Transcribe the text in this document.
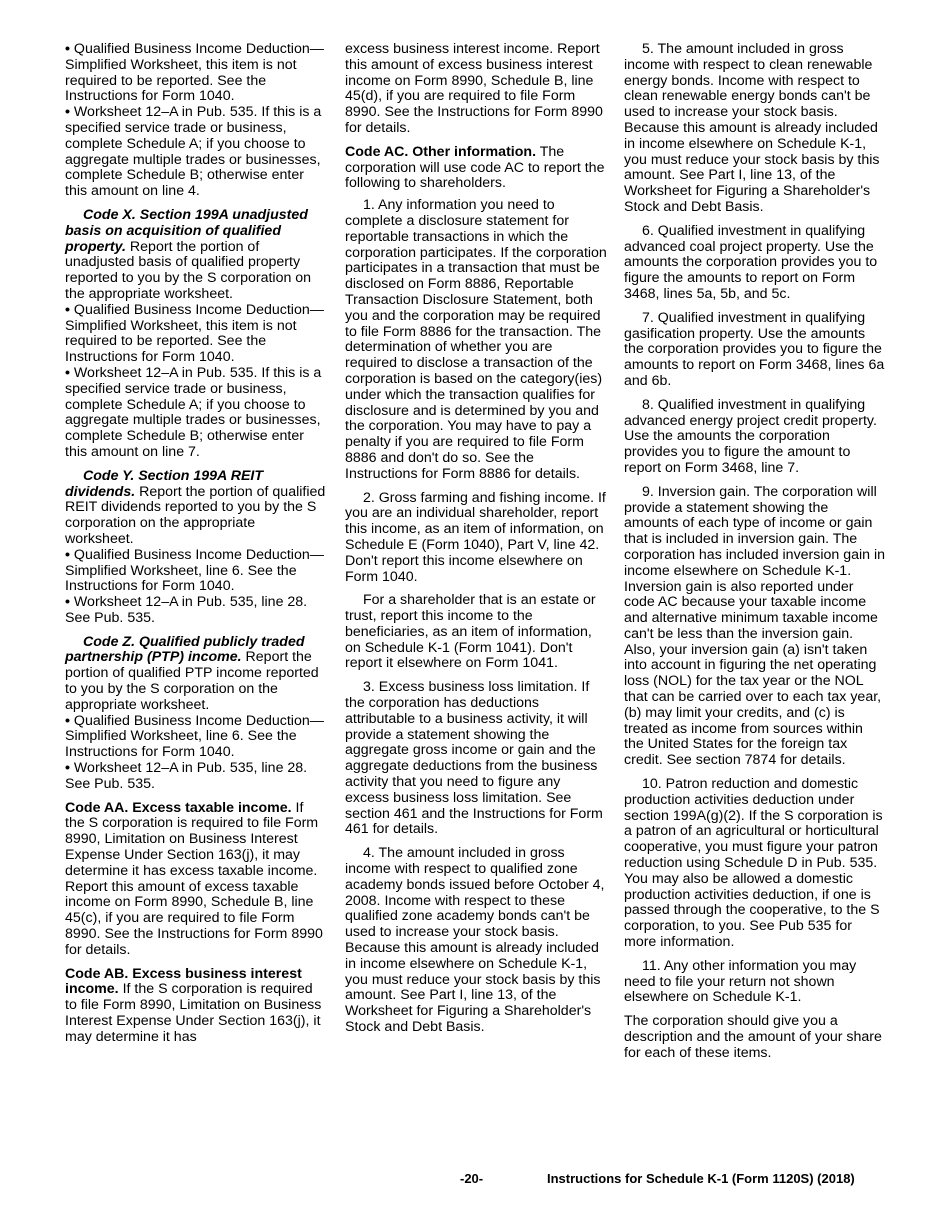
• Qualified Business Income Deduction—Simplified Worksheet, this item is not required to be reported. See the Instructions for Form 1040.

• Worksheet 12–A in Pub. 535. If this is a specified service trade or business, complete Schedule A; if you choose to aggregate multiple trades or businesses, complete Schedule B; otherwise enter this amount on line 4.

Code X. Section 199A unadjusted basis on acquisition of qualified property. Report the portion of unadjusted basis of qualified property reported to you by the S corporation on the appropriate worksheet.

• Qualified Business Income Deduction—Simplified Worksheet, this item is not required to be reported. See the Instructions for Form 1040.

• Worksheet 12–A in Pub. 535. If this is a specified service trade or business, complete Schedule A; if you choose to aggregate multiple trades or businesses, complete Schedule B; otherwise enter this amount on line 7.

Code Y. Section 199A REIT dividends. Report the portion of qualified REIT dividends reported to you by the S corporation on the appropriate worksheet.

• Qualified Business Income Deduction—Simplified Worksheet, line 6. See the Instructions for Form 1040.

• Worksheet 12–A in Pub. 535, line 28. See Pub. 535.

Code Z. Qualified publicly traded partnership (PTP) income. Report the portion of qualified PTP income reported to you by the S corporation on the appropriate worksheet.

• Qualified Business Income Deduction—Simplified Worksheet, line 6. See the Instructions for Form 1040.

• Worksheet 12–A in Pub. 535, line 28. See Pub. 535.

Code AA. Excess taxable income. If the S corporation is required to file Form 8990, Limitation on Business Interest Expense Under Section 163(j), it may determine it has excess taxable income. Report this amount of excess taxable income on Form 8990, Schedule B, line 45(c), if you are required to file Form 8990. See the Instructions for Form 8990 for details.

Code AB. Excess business interest income. If the S corporation is required to file Form 8990, Limitation on Business Interest Expense Under Section 163(j), it may determine it has

excess business interest income. Report this amount of excess business interest income on Form 8990, Schedule B, line 45(d), if you are required to file Form 8990. See the Instructions for Form 8990 for details.

Code AC. Other information. The corporation will use code AC to report the following to shareholders.

1. Any information you need to complete a disclosure statement for reportable transactions in which the corporation participates. If the corporation participates in a transaction that must be disclosed on Form 8886, Reportable Transaction Disclosure Statement, both you and the corporation may be required to file Form 8886 for the transaction. The determination of whether you are required to disclose a transaction of the corporation is based on the category(ies) under which the transaction qualifies for disclosure and is determined by you and the corporation. You may have to pay a penalty if you are required to file Form 8886 and don't do so. See the Instructions for Form 8886 for details.

2. Gross farming and fishing income. If you are an individual shareholder, report this income, as an item of information, on Schedule E (Form 1040), Part V, line 42. Don't report this income elsewhere on Form 1040.

For a shareholder that is an estate or trust, report this income to the beneficiaries, as an item of information, on Schedule K-1 (Form 1041). Don't report it elsewhere on Form 1041.

3. Excess business loss limitation. If the corporation has deductions attributable to a business activity, it will provide a statement showing the aggregate gross income or gain and the aggregate deductions from the business activity that you need to figure any excess business loss limitation. See section 461 and the Instructions for Form 461 for details.

4. The amount included in gross income with respect to qualified zone academy bonds issued before October 4, 2008. Income with respect to these qualified zone academy bonds can't be used to increase your stock basis. Because this amount is already included in income elsewhere on Schedule K-1, you must reduce your stock basis by this amount. See Part I, line 13, of the Worksheet for Figuring a Shareholder's Stock and Debt Basis.

5. The amount included in gross income with respect to clean renewable energy bonds. Income with respect to clean renewable energy bonds can't be used to increase your stock basis. Because this amount is already included in income elsewhere on Schedule K-1, you must reduce your stock basis by this amount. See Part I, line 13, of the Worksheet for Figuring a Shareholder's Stock and Debt Basis.

6. Qualified investment in qualifying advanced coal project property. Use the amounts the corporation provides you to figure the amounts to report on Form 3468, lines 5a, 5b, and 5c.

7. Qualified investment in qualifying gasification property. Use the amounts the corporation provides you to figure the amounts to report on Form 3468, lines 6a and 6b.

8. Qualified investment in qualifying advanced energy project credit property. Use the amounts the corporation provides you to figure the amount to report on Form 3468, line 7.

9. Inversion gain. The corporation will provide a statement showing the amounts of each type of income or gain that is included in inversion gain. The corporation has included inversion gain in income elsewhere on Schedule K-1. Inversion gain is also reported under code AC because your taxable income and alternative minimum taxable income can't be less than the inversion gain. Also, your inversion gain (a) isn't taken into account in figuring the net operating loss (NOL) for the tax year or the NOL that can be carried over to each tax year, (b) may limit your credits, and (c) is treated as income from sources within the United States for the foreign tax credit. See section 7874 for details.

10. Patron reduction and domestic production activities deduction under section 199A(g)(2). If the S corporation is a patron of an agricultural or horticultural cooperative, you must figure your patron reduction using Schedule D in Pub. 535. You may also be allowed a domestic production activities deduction, if one is passed through the cooperative, to the S corporation, to you. See Pub 535 for more information.

11. Any other information you may need to file your return not shown elsewhere on Schedule K-1.

The corporation should give you a description and the amount of your share for each of these items.

-20-	Instructions for Schedule K-1 (Form 1120S) (2018)
